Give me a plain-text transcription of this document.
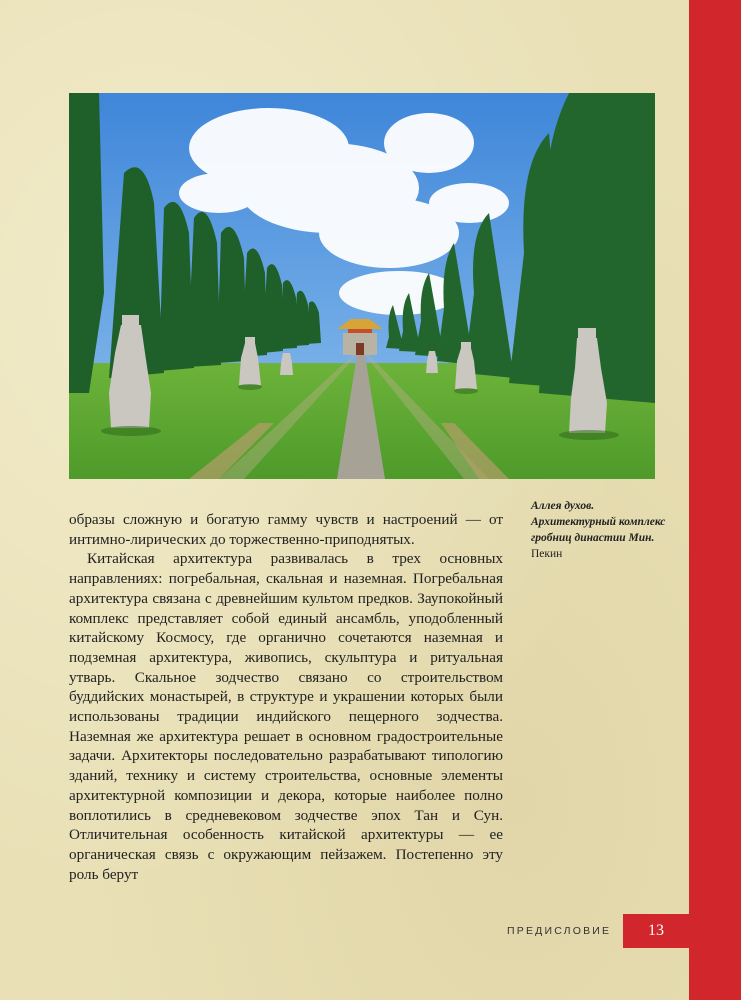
Аллея духов. Архитектурный комплекс гробниц династии Мин. Пекин

образы сложную и богатую гамму чувств и настроений — от интимно-лирических до торжественно-приподнятых.

Китайская архитектура развивалась в трех основных направлениях: погребальная, скальная и наземная. Погребальная архитектура связана с древнейшим культом предков. Заупокойный комплекс представляет собой единый ансамбль, уподобленный китайскому Космосу, где органично сочетаются наземная и подземная архитектура, живопись, скульптура и ритуальная утварь. Скальное зодчество связано со строительством буддийских монастырей, в структуре и украшении которых были использованы традиции индийского пещерного зодчества. Наземная же архитектура решает в основном градостроительные задачи. Архитекторы последовательно разрабатывают типологию зданий, технику и систему строительства, основные элементы архитектурной композиции и декора, которые наиболее полно воплотились в средневековом зодчестве эпох Тан и Сун. Отличительная особенность китайской архитектуры — ее органическая связь с окружающим пейзажем. Постепенно эту роль берут

ПРЕДИСЛОВИЕ	13
